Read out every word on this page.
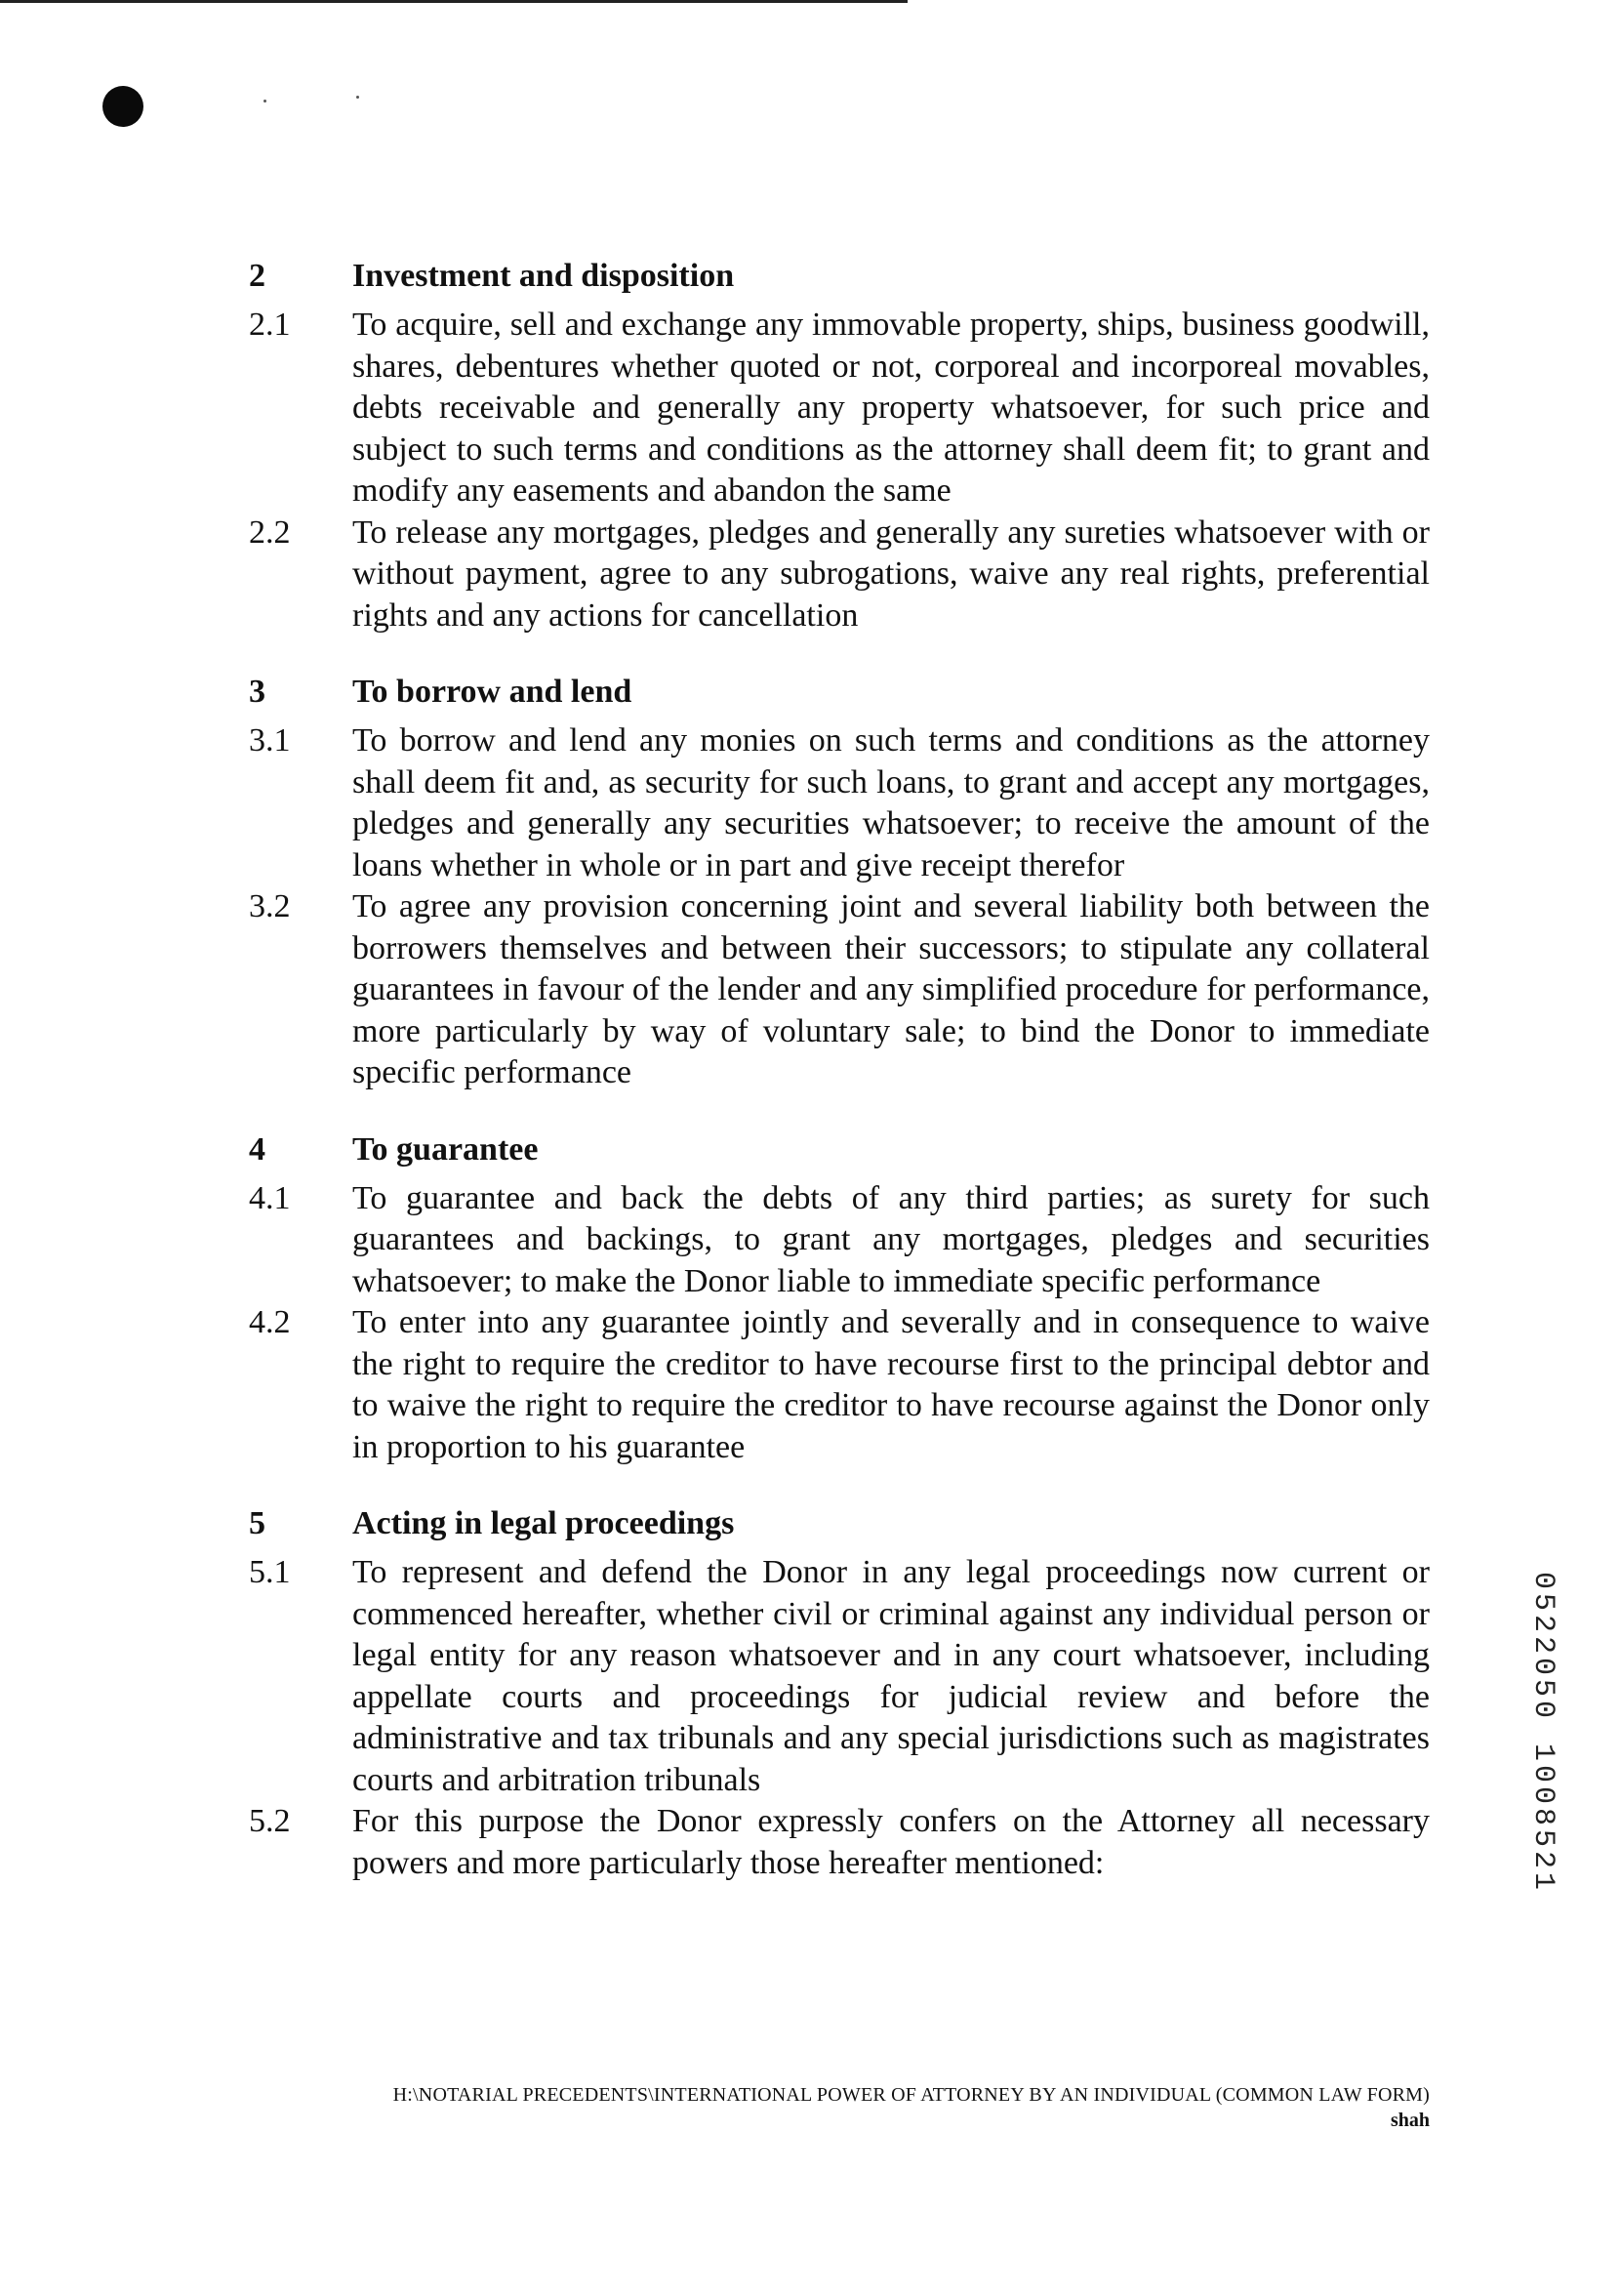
2	Investment and disposition
2.1	To acquire, sell and exchange any immovable property, ships, business goodwill, shares, debentures whether quoted or not, corporeal and incorporeal movables, debts receivable and generally any property whatsoever, for such price and subject to such terms and conditions as the attorney shall deem fit; to grant and modify any easements and abandon the same
2.2	To release any mortgages, pledges and generally any sureties whatsoever with or without payment, agree to any subrogations, waive any real rights, preferential rights and any actions for cancellation
3	To borrow and lend
3.1	To borrow and lend any monies on such terms and conditions as the attorney shall deem fit and, as security for such loans, to grant and accept any mortgages, pledges and generally any securities whatsoever; to receive the amount of the loans whether in whole or in part and give receipt therefor
3.2	To agree any provision concerning joint and several liability both between the borrowers themselves and between their successors; to stipulate any collateral guarantees in favour of the lender and any simplified procedure for performance, more particularly by way of voluntary sale; to bind the Donor to immediate specific performance
4	To guarantee
4.1	To guarantee and back the debts of any third parties; as surety for such guarantees and backings, to grant any mortgages, pledges and securities whatsoever; to make the Donor liable to immediate specific performance
4.2	To enter into any guarantee jointly and severally and in consequence to waive the right to require the creditor to have recourse first to the principal debtor and to waive the right to require the creditor to have recourse against the Donor only in proportion to his guarantee
5	Acting in legal proceedings
5.1	To represent and defend the Donor in any legal proceedings now current or commenced hereafter, whether civil or criminal against any individual person or legal entity for any reason whatsoever and in any court whatsoever, including appellate courts and proceedings for judicial review and before the administrative and tax tribunals and any special jurisdictions such as magistrates courts and arbitration tribunals
5.2	For this purpose the Donor expressly confers on the Attorney all necessary powers and more particularly those hereafter mentioned:
H:\NOTARIAL PRECEDENTS\INTERNATIONAL POWER OF ATTORNEY BY AN INDIVIDUAL (COMMON LAW FORM)
shah
0522050 1008521
